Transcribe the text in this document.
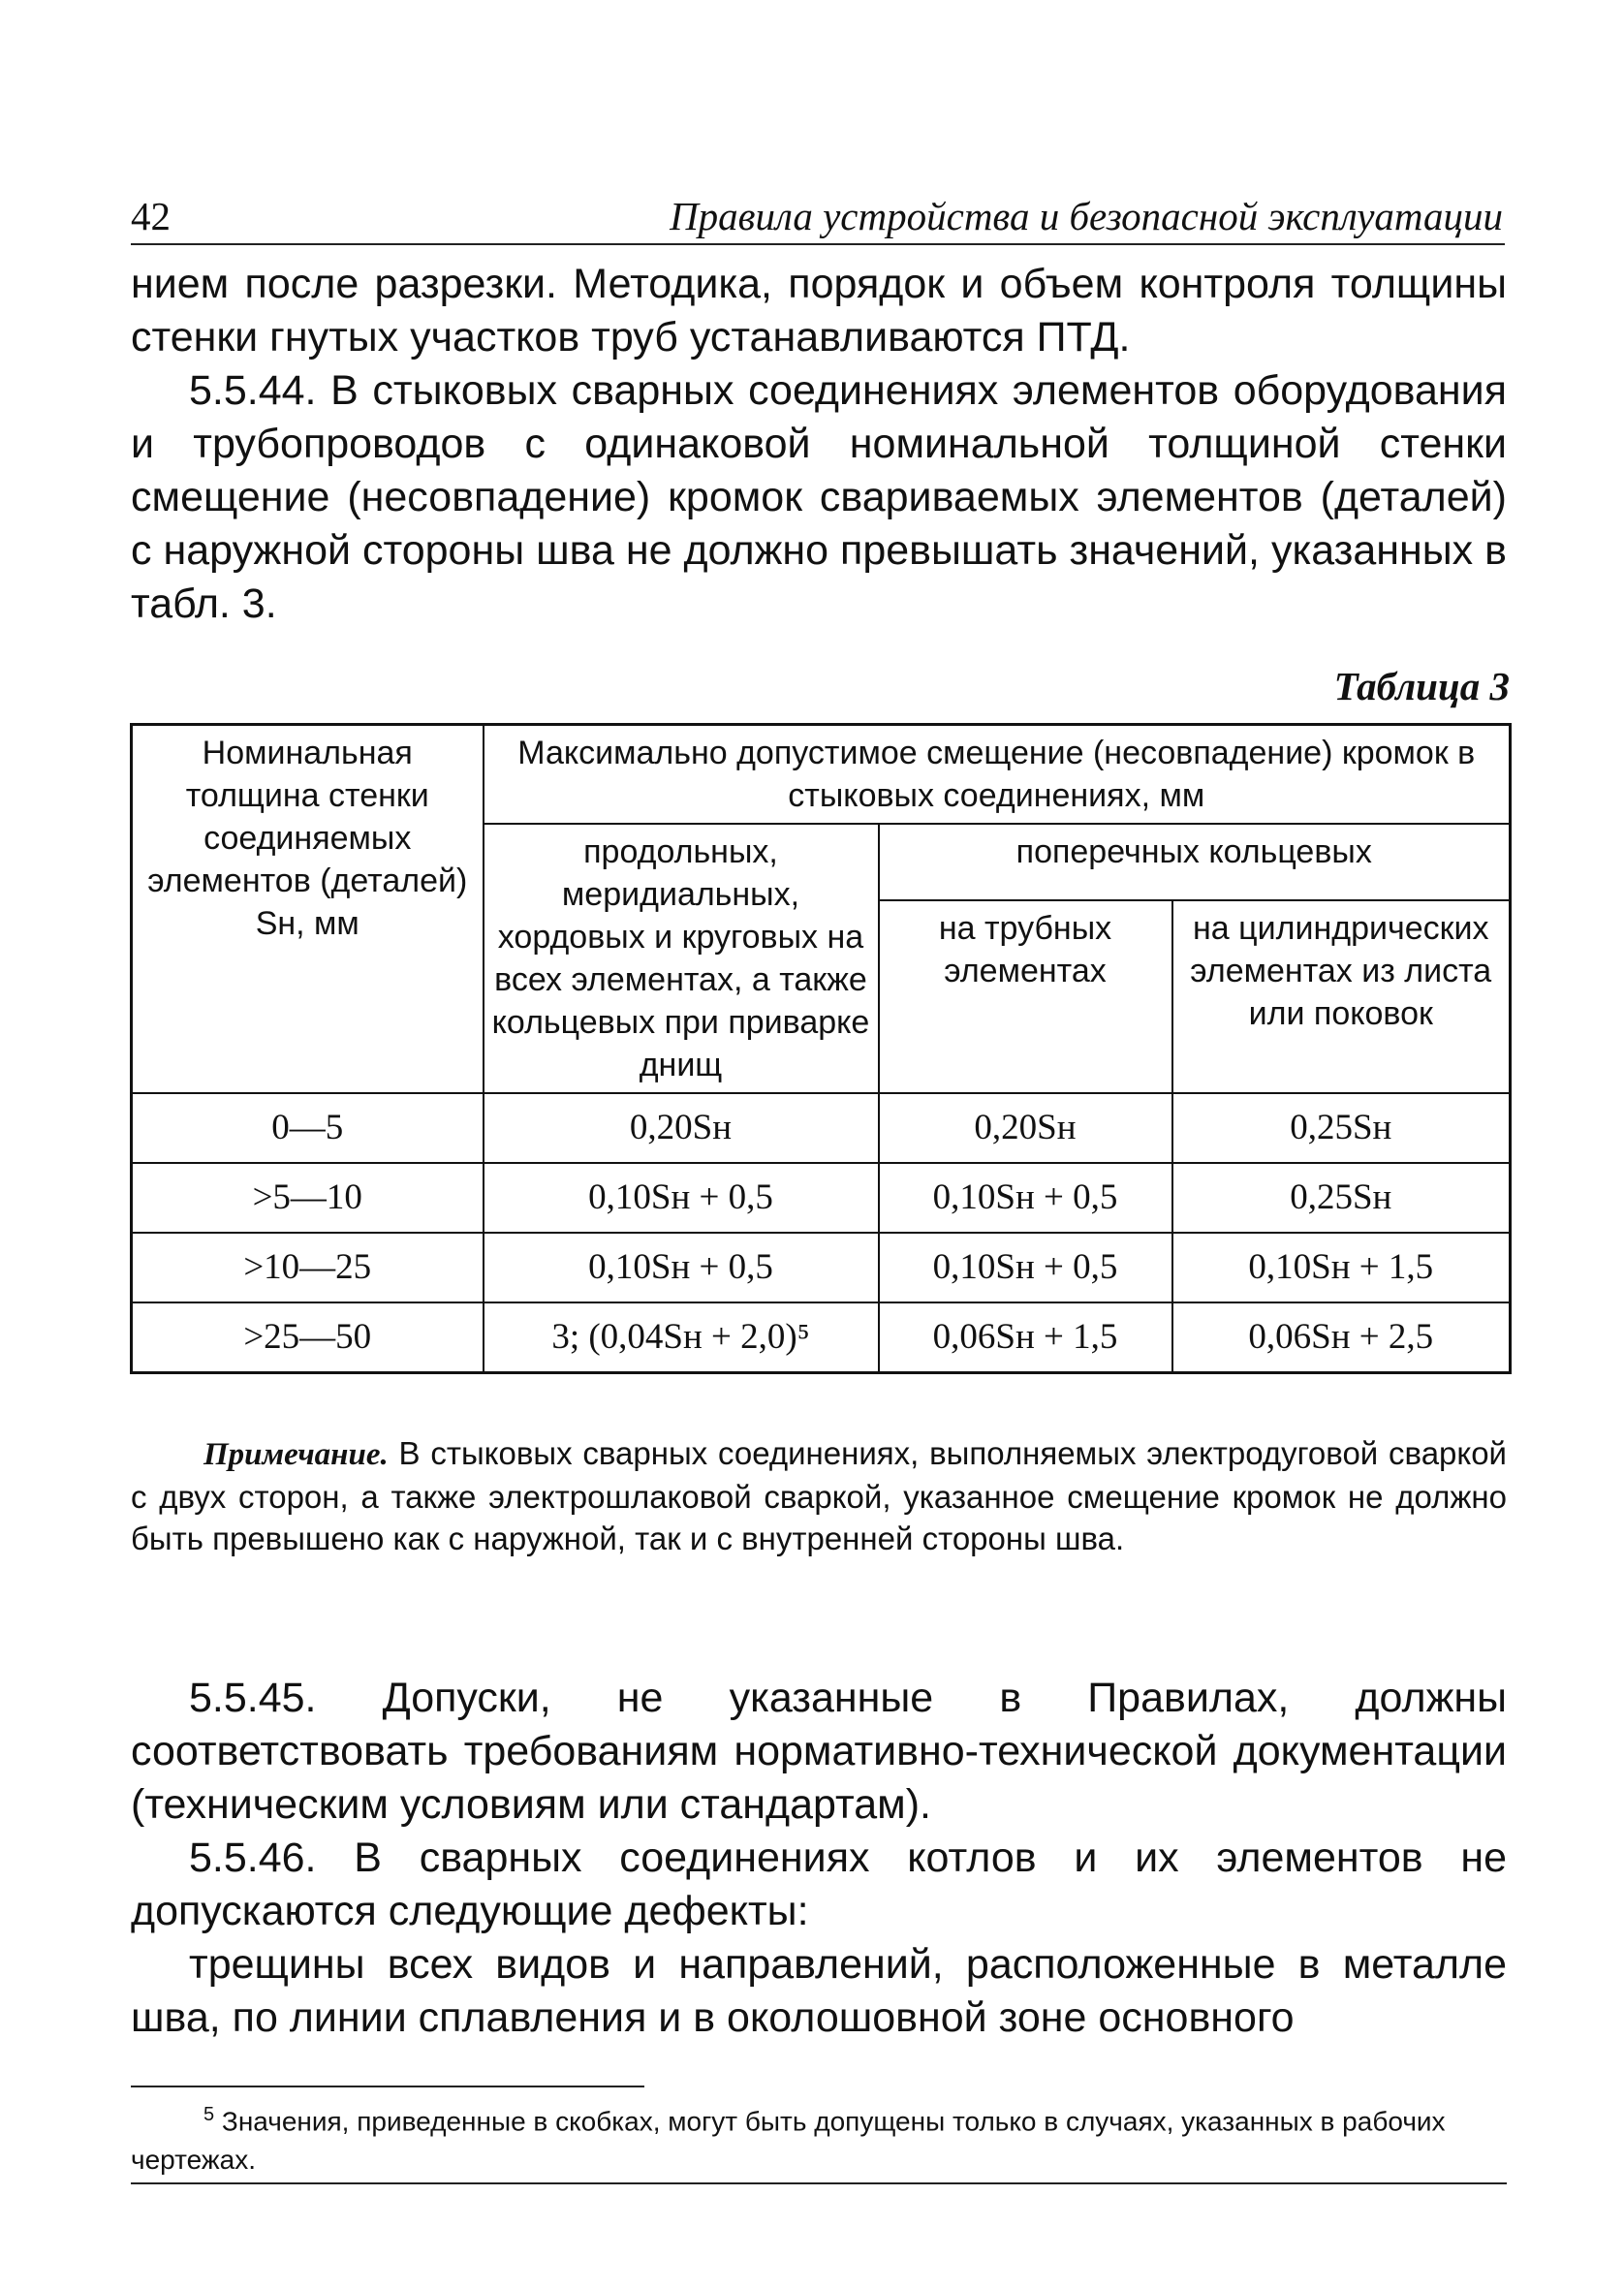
42	Правила устройства и безопасной эксплуатации
нием после разрезки. Методика, порядок и объем контроля толщины стенки гнутых участков труб устанавливаются ПТД.
5.5.44. В стыковых сварных соединениях элементов оборудования и трубопроводов с одинаковой номинальной толщиной стенки смещение (несовпадение) кромок свариваемых элементов (деталей) с наружной стороны шва не должно превышать значений, указанных в табл. 3.
Таблица 3
Номинальная толщина стенки соединяемых элементов (деталей) Sн, мм	Максимально допустимое смещение (несовпадение) кромок в стыковых соединениях, мм		
	продольных, меридиальных, хордовых и круговых на всех элементах, а также кольцевых при приварке днищ	поперечных кольцевых	
		на трубных элементах	на цилиндрических элементах из листа или поковок
0—5	0,20Sн	0,20Sн	0,25Sн
>5—10	0,10Sн + 0,5	0,10Sн + 0,5	0,25Sн
>10—25	0,10Sн + 0,5	0,10Sн + 0,5	0,10Sн + 1,5
>25—50	3; (0,04Sн + 2,0)⁵	0,06Sн + 1,5	0,06Sн + 2,5
Примечание. В стыковых сварных соединениях, выполняемых электродуговой сваркой с двух сторон, а также электрошлаковой сваркой, указанное смещение кромок не должно быть превышено как с наружной, так и с внутренней стороны шва.
5.5.45. Допуски, не указанные в Правилах, должны соответствовать требованиям нормативно-технической документации (техническим условиям или стандартам).
5.5.46. В сварных соединениях котлов и их элементов не допускаются следующие дефекты:
трещины всех видов и направлений, расположенные в металле шва, по линии сплавления и в околошовной зоне основного
$^5$ Значения, приведенные в скобках, могут быть допущены только в случаях, указанных в рабочих чертежах.
